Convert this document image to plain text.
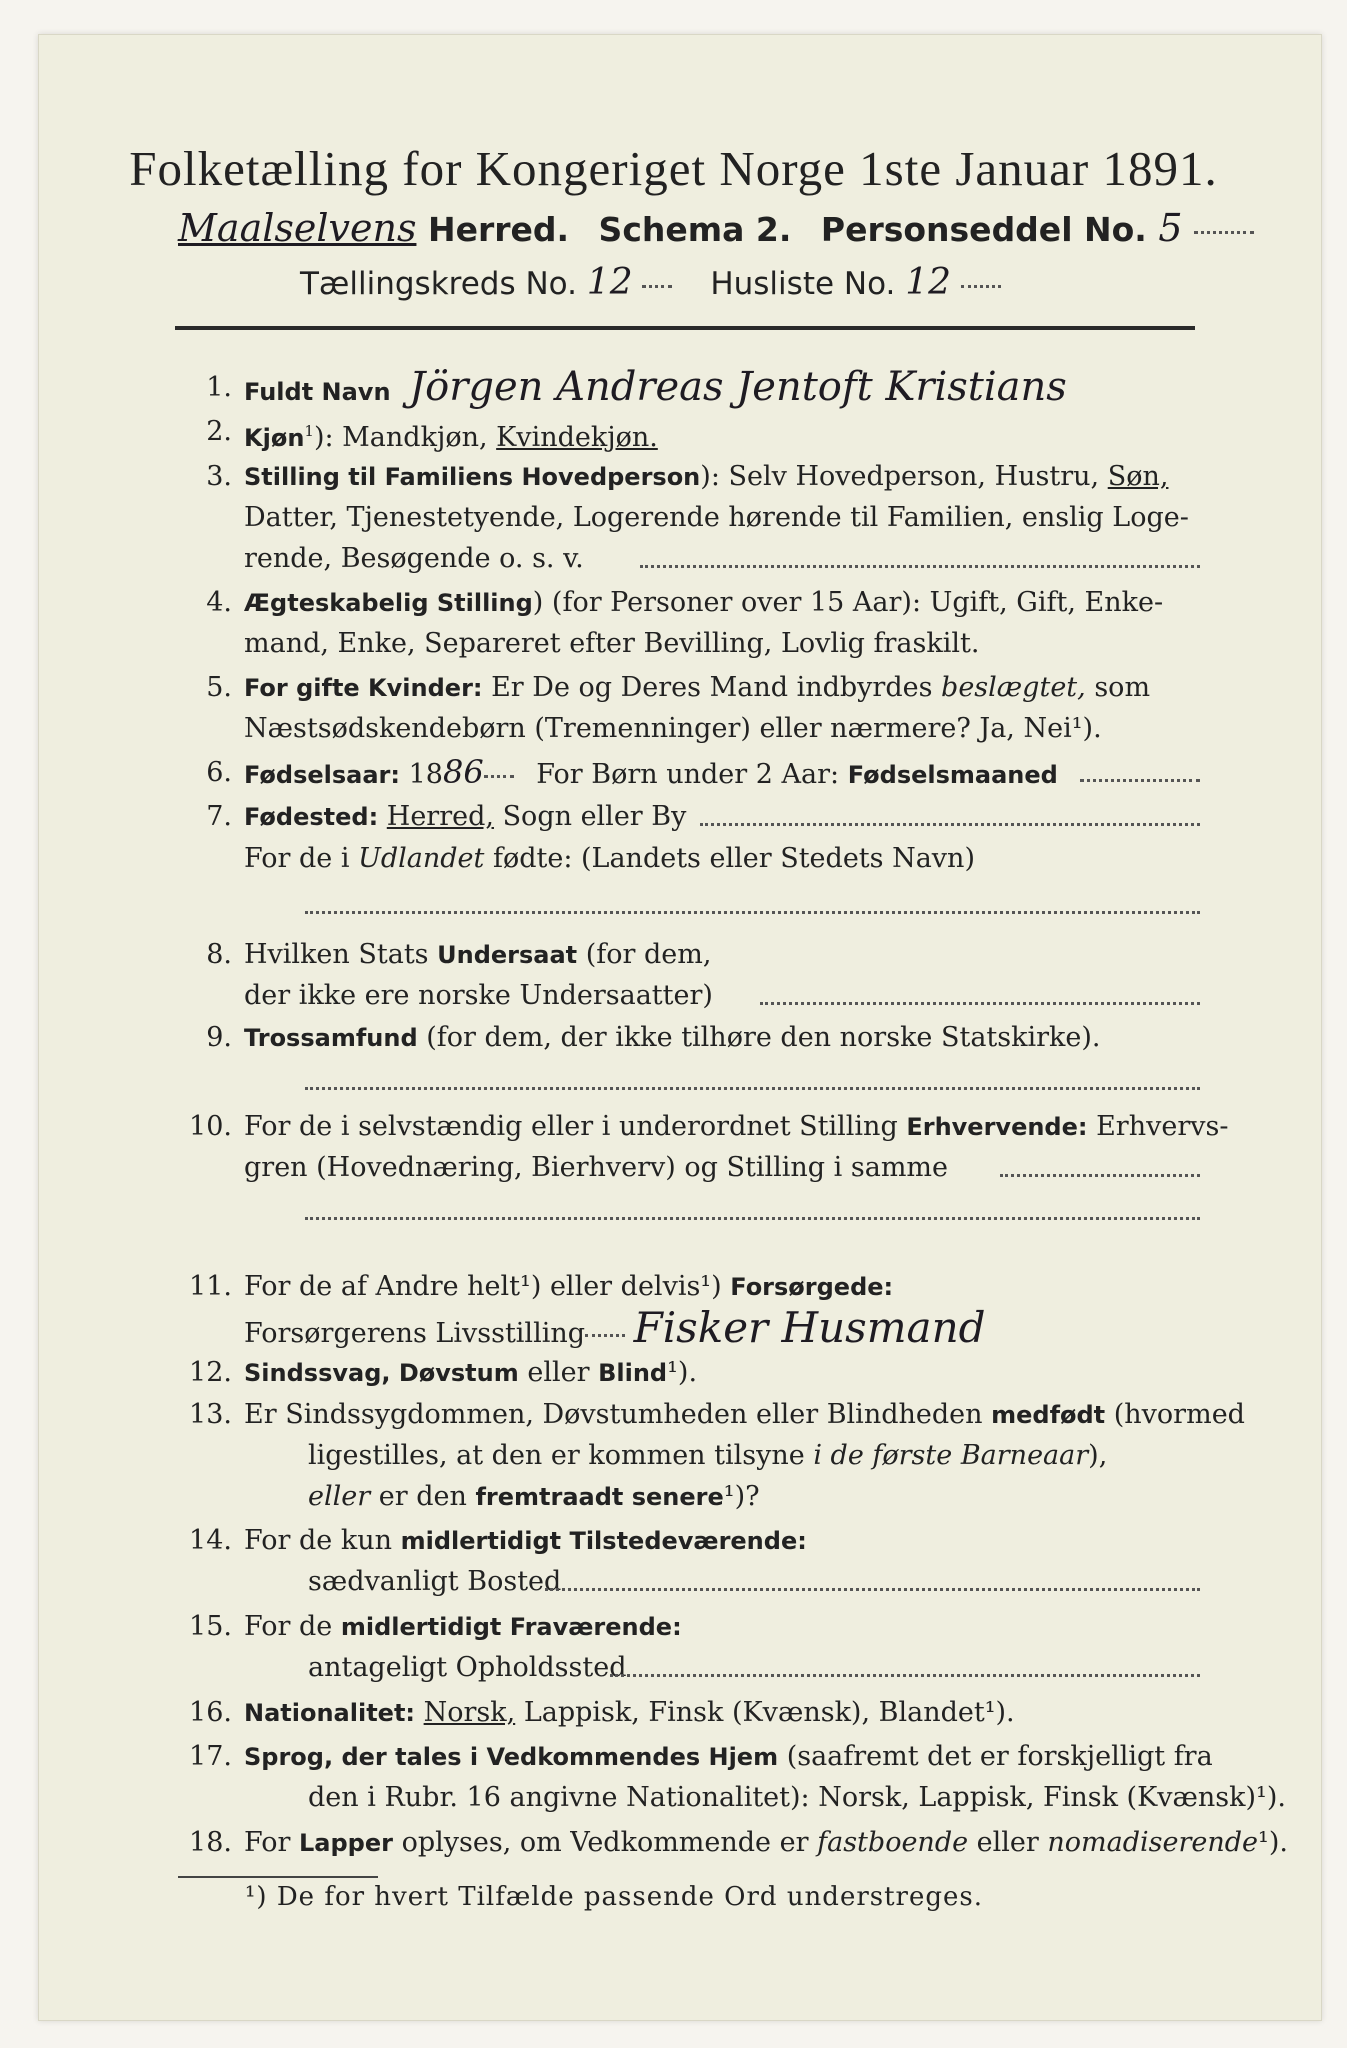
Folketælling for Kongeriget Norge 1ste Januar 1891.
Maalselvens Herred. Schema 2. Personseddel No. 5
Tællingskreds No. 12	Husliste No. 12
1. Fuldt Navn Jörgen Andreas Jentoft Kristians
2. Kjøn$^1$): Mandkjøn, Kvindekjøn.
3. Stilling til Familiens Hovedperson): Selv Hovedperson, Hustru, Søn,
Datter, Tjenestetyende, Logerende hørende til Familien, enslig Loge-
rende, Besøgende o. s. v.
4. Ægteskabelig Stilling) (for Personer over 15 Aar): Ugift, Gift, Enke-
mand, Enke, Separeret efter Bevilling, Lovlig fraskilt.
5. For gifte Kvinder: Er De og Deres Mand indbyrdes beslægtet, som
Næstsødskendebørn (Tremenninger) eller nærmere? Ja, Nei¹).
6. Fødselsaar: 1886 For Børn under 2 Aar: Fødselsmaaned
7. Fødested: Herred, Sogn eller By
For de i Udlandet fødte: (Landets eller Stedets Navn)
8. Hvilken Stats Undersaat (for dem,
der ikke ere norske Undersaatter)
9. Trossamfund (for dem, der ikke tilhøre den norske Statskirke).
10. For de i selvstændig eller i underordnet Stilling Erhvervende: Erhvervs-
gren (Hovednæring, Bierhverv) og Stilling i samme
11. For de af Andre helt¹) eller delvis¹) Forsørgede:
Forsørgerens Livsstilling Fisker Husmand
12. Sindssvag, Døvstum eller Blind¹).
13. Er Sindssygdommen, Døvstumheden eller Blindheden medfødt (hvormed
ligestilles, at den er kommen tilsyne i de første Barneaar),
eller er den fremtraadt senere¹)?
14. For de kun midlertidigt Tilstedeværende:
sædvanligt Bosted
15. For de midlertidigt Fraværende:
antageligt Opholdssted
16. Nationalitet: Norsk, Lappisk, Finsk (Kvænsk), Blandet¹).
17. Sprog, der tales i Vedkommendes Hjem (saafremt det er forskjelligt fra
den i Rubr. 16 angivne Nationalitet): Norsk, Lappisk, Finsk (Kvænsk)¹).
18. For Lapper oplyses, om Vedkommende er fastboende eller nomadiserende¹).
¹) De for hvert Tilfælde passende Ord understreges.
